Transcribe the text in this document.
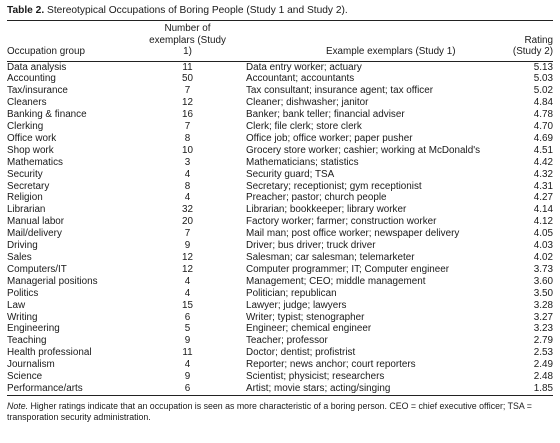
Table 2. Stereotypical Occupations of Boring People (Study 1 and Study 2).

Occupation group	Number of
exemplars (Study 1)		Example exemplars (Study 1)	Rating
(Study 2)
Data analysis	11		Data entry worker; actuary	5.13
Accounting	50		Accountant; accountants	5.03
Tax/insurance	7		Tax consultant; insurance agent; tax officer	5.02
Cleaners	12		Cleaner; dishwasher; janitor	4.84
Banking & finance	16		Banker; bank teller; financial adviser	4.78
Clerking	7		Clerk; file clerk; store clerk	4.70
Office work	8		Office job; office worker; paper pusher	4.69
Shop work	10		Grocery store worker; cashier; working at McDonald's	4.51
Mathematics	3		Mathematicians; statistics	4.42
Security	4		Security guard; TSA	4.32
Secretary	8		Secretary; receptionist; gym receptionist	4.31
Religion	4		Preacher; pastor; church people	4.27
Librarian	32		Librarian; bookkeeper; library worker	4.14
Manual labor	20		Factory worker; farmer; construction worker	4.12
Mail/delivery	7		Mail man; post office worker; newspaper delivery	4.05
Driving	9		Driver; bus driver; truck driver	4.03
Sales	12		Salesman; car salesman; telemarketer	4.02
Computers/IT	12		Computer programmer; IT; Computer engineer	3.73
Managerial positions	4		Management; CEO; middle management	3.60
Politics	4		Politician; republican	3.50
Law	15		Lawyer; judge; lawyers	3.28
Writing	6		Writer; typist; stenographer	3.27
Engineering	5		Engineer; chemical engineer	3.23
Teaching	9		Teacher; professor	2.79
Health professional	11		Doctor; dentist; profistrist	2.53
Journalism	4		Reporter; news anchor; court reporters	2.49
Science	9		Scientist; physicist; researchers	2.48
Performance/arts	6		Artist; movie stars; acting/singing	1.85

Note. Higher ratings indicate that an occupation is seen as more characteristic of a boring person. CEO = chief executive officer; TSA = transporation security administration.
